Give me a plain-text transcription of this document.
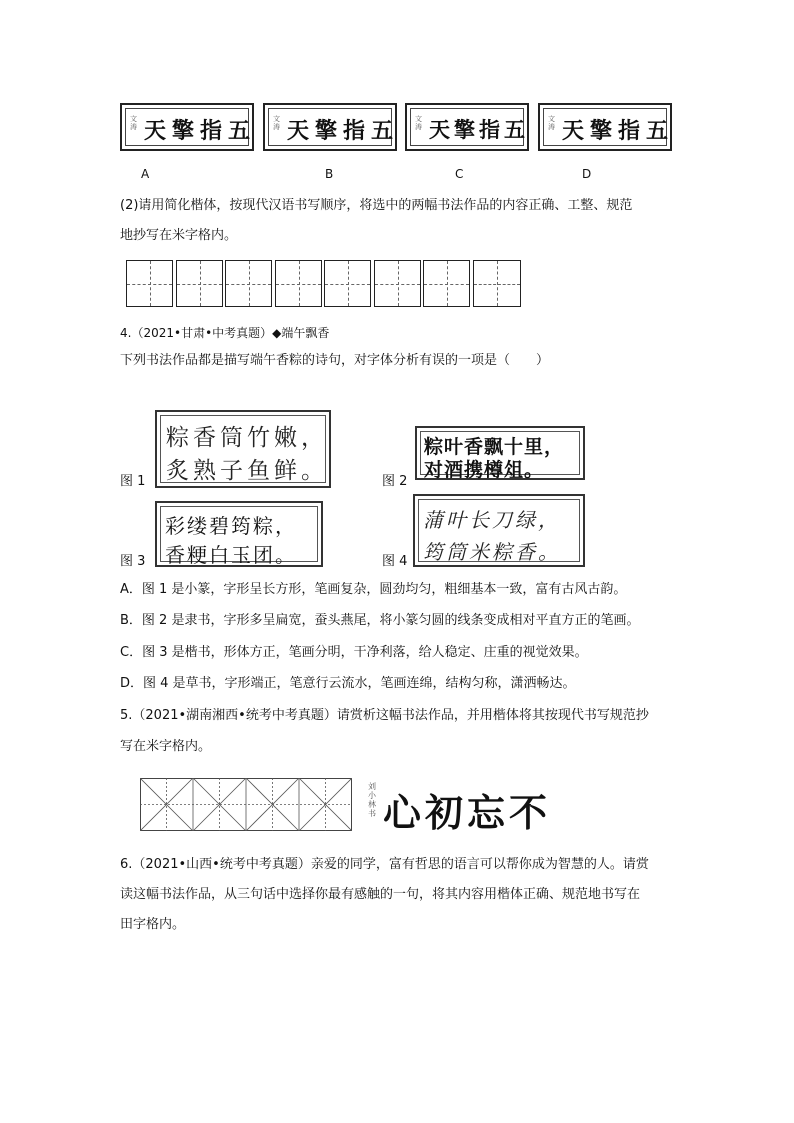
文涛 五指擎天 文涛 天擎指五 文涛 天擎指五	文涛 天擎指五
A	B	C	D
(2)请用简化楷体，按现代汉语书写顺序，将选中的两幅书法作品的内容正确、工整、规范
地抄写在米字格内。
4.（2021•甘肃•中考真题）◆端午飘香
下列书法作品都是描写端午香粽的诗句，对字体分析有误的一项是（　　）
粽香筒竹嫩，
炙熟子鱼鲜。
图 1
粽叶香飘十里，
对酒携樽俎。
图 2
彩缕碧筠粽，
香粳白玉团。
图 3
蒲叶长刀绿，
筠筒米粽香。
图 4
A．图 1 是小篆，字形呈长方形，笔画复杂，圆劲均匀，粗细基本一致，富有古风古韵。
B．图 2 是隶书，字形多呈扁宽，蚕头燕尾，将小篆匀圆的线条变成相对平直方正的笔画。
C．图 3 是楷书，形体方正，笔画分明，干净利落，给人稳定、庄重的视觉效果。
D．图 4 是草书，字形端正，笔意行云流水，笔画连绵，结构匀称，潇洒畅达。
5.（2021•湖南湘西•统考中考真题）请赏析这幅书法作品，并用楷体将其按现代书写规范抄
写在米字格内。
刘小林书 心初忘不
6.（2021•山西•统考中考真题）亲爱的同学，富有哲思的语言可以帮你成为智慧的人。请赏
读这幅书法作品，从三句话中选择你最有感触的一句，将其内容用楷体正确、规范地书写在
田字格内。
